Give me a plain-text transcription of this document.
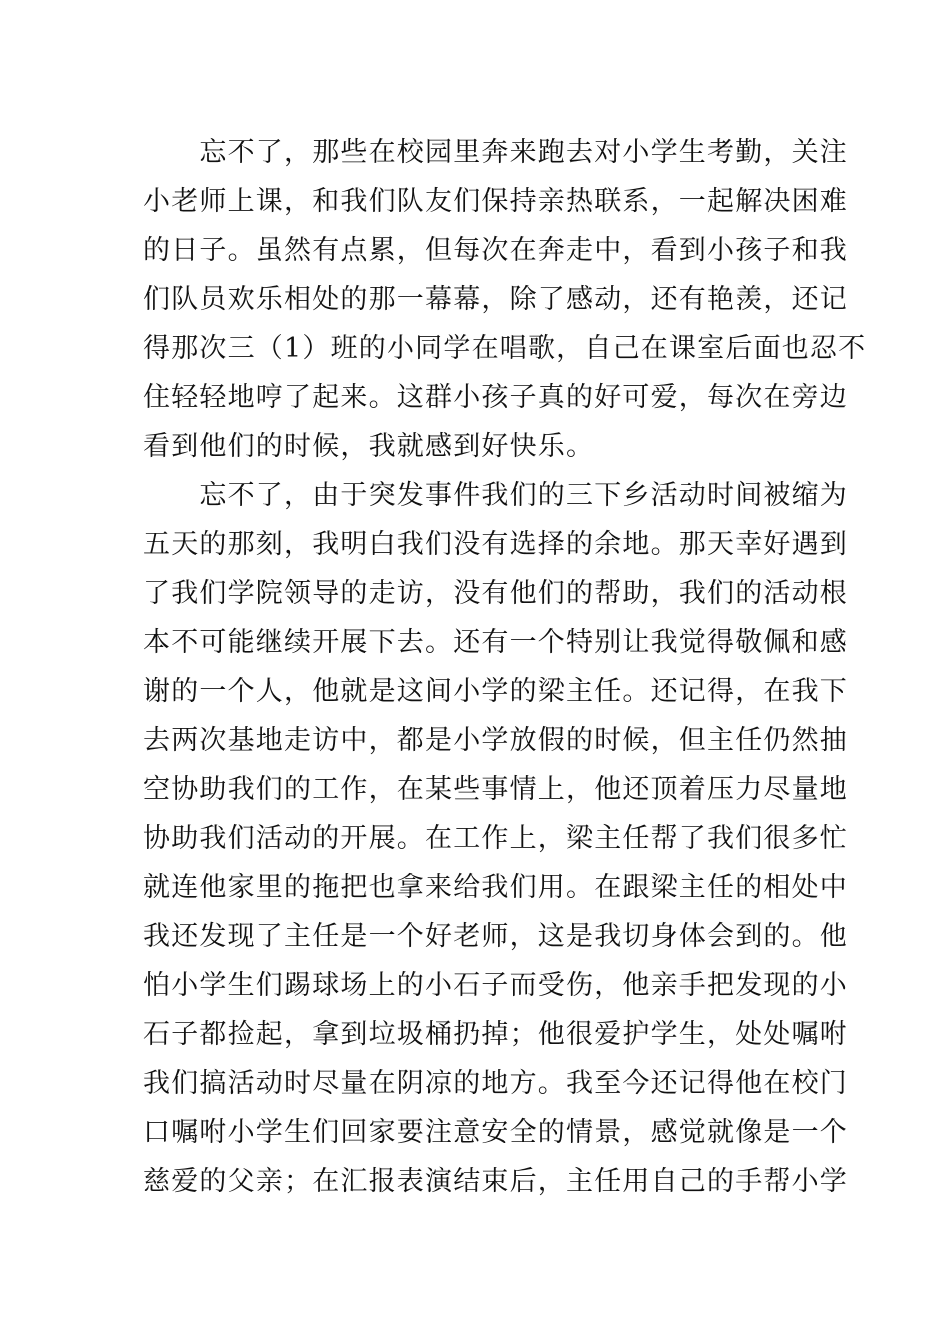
　　忘不了，那些在校园里奔来跑去对小学生考勤，关注
小老师上课，和我们队友们保持亲热联系，一起解决困难
的日子。虽然有点累，但每次在奔走中，看到小孩子和我
们队员欢乐相处的那一幕幕，除了感动，还有艳羡，还记
得那次三（1）班的小同学在唱歌，自己在课室后面也忍不
住轻轻地哼了起来。这群小孩子真的好可爱，每次在旁边
看到他们的时候，我就感到好快乐。
　　忘不了，由于突发事件我们的三下乡活动时间被缩为
五天的那刻，我明白我们没有选择的余地。那天幸好遇到
了我们学院领导的走访，没有他们的帮助，我们的活动根
本不可能继续开展下去。还有一个特别让我觉得敬佩和感
谢的一个人，他就是这间小学的梁主任。还记得，在我下
去两次基地走访中，都是小学放假的时候，但主任仍然抽
空协助我们的工作，在某些事情上，他还顶着压力尽量地
协助我们活动的开展。在工作上，梁主任帮了我们很多忙
就连他家里的拖把也拿来给我们用。在跟梁主任的相处中
我还发现了主任是一个好老师，这是我切身体会到的。他
怕小学生们踢球场上的小石子而受伤，他亲手把发现的小
石子都捡起，拿到垃圾桶扔掉；他很爱护学生，处处嘱咐
我们搞活动时尽量在阴凉的地方。我至今还记得他在校门
口嘱咐小学生们回家要注意安全的情景，感觉就像是一个
慈爱的父亲；在汇报表演结束后，主任用自己的手帮小学
